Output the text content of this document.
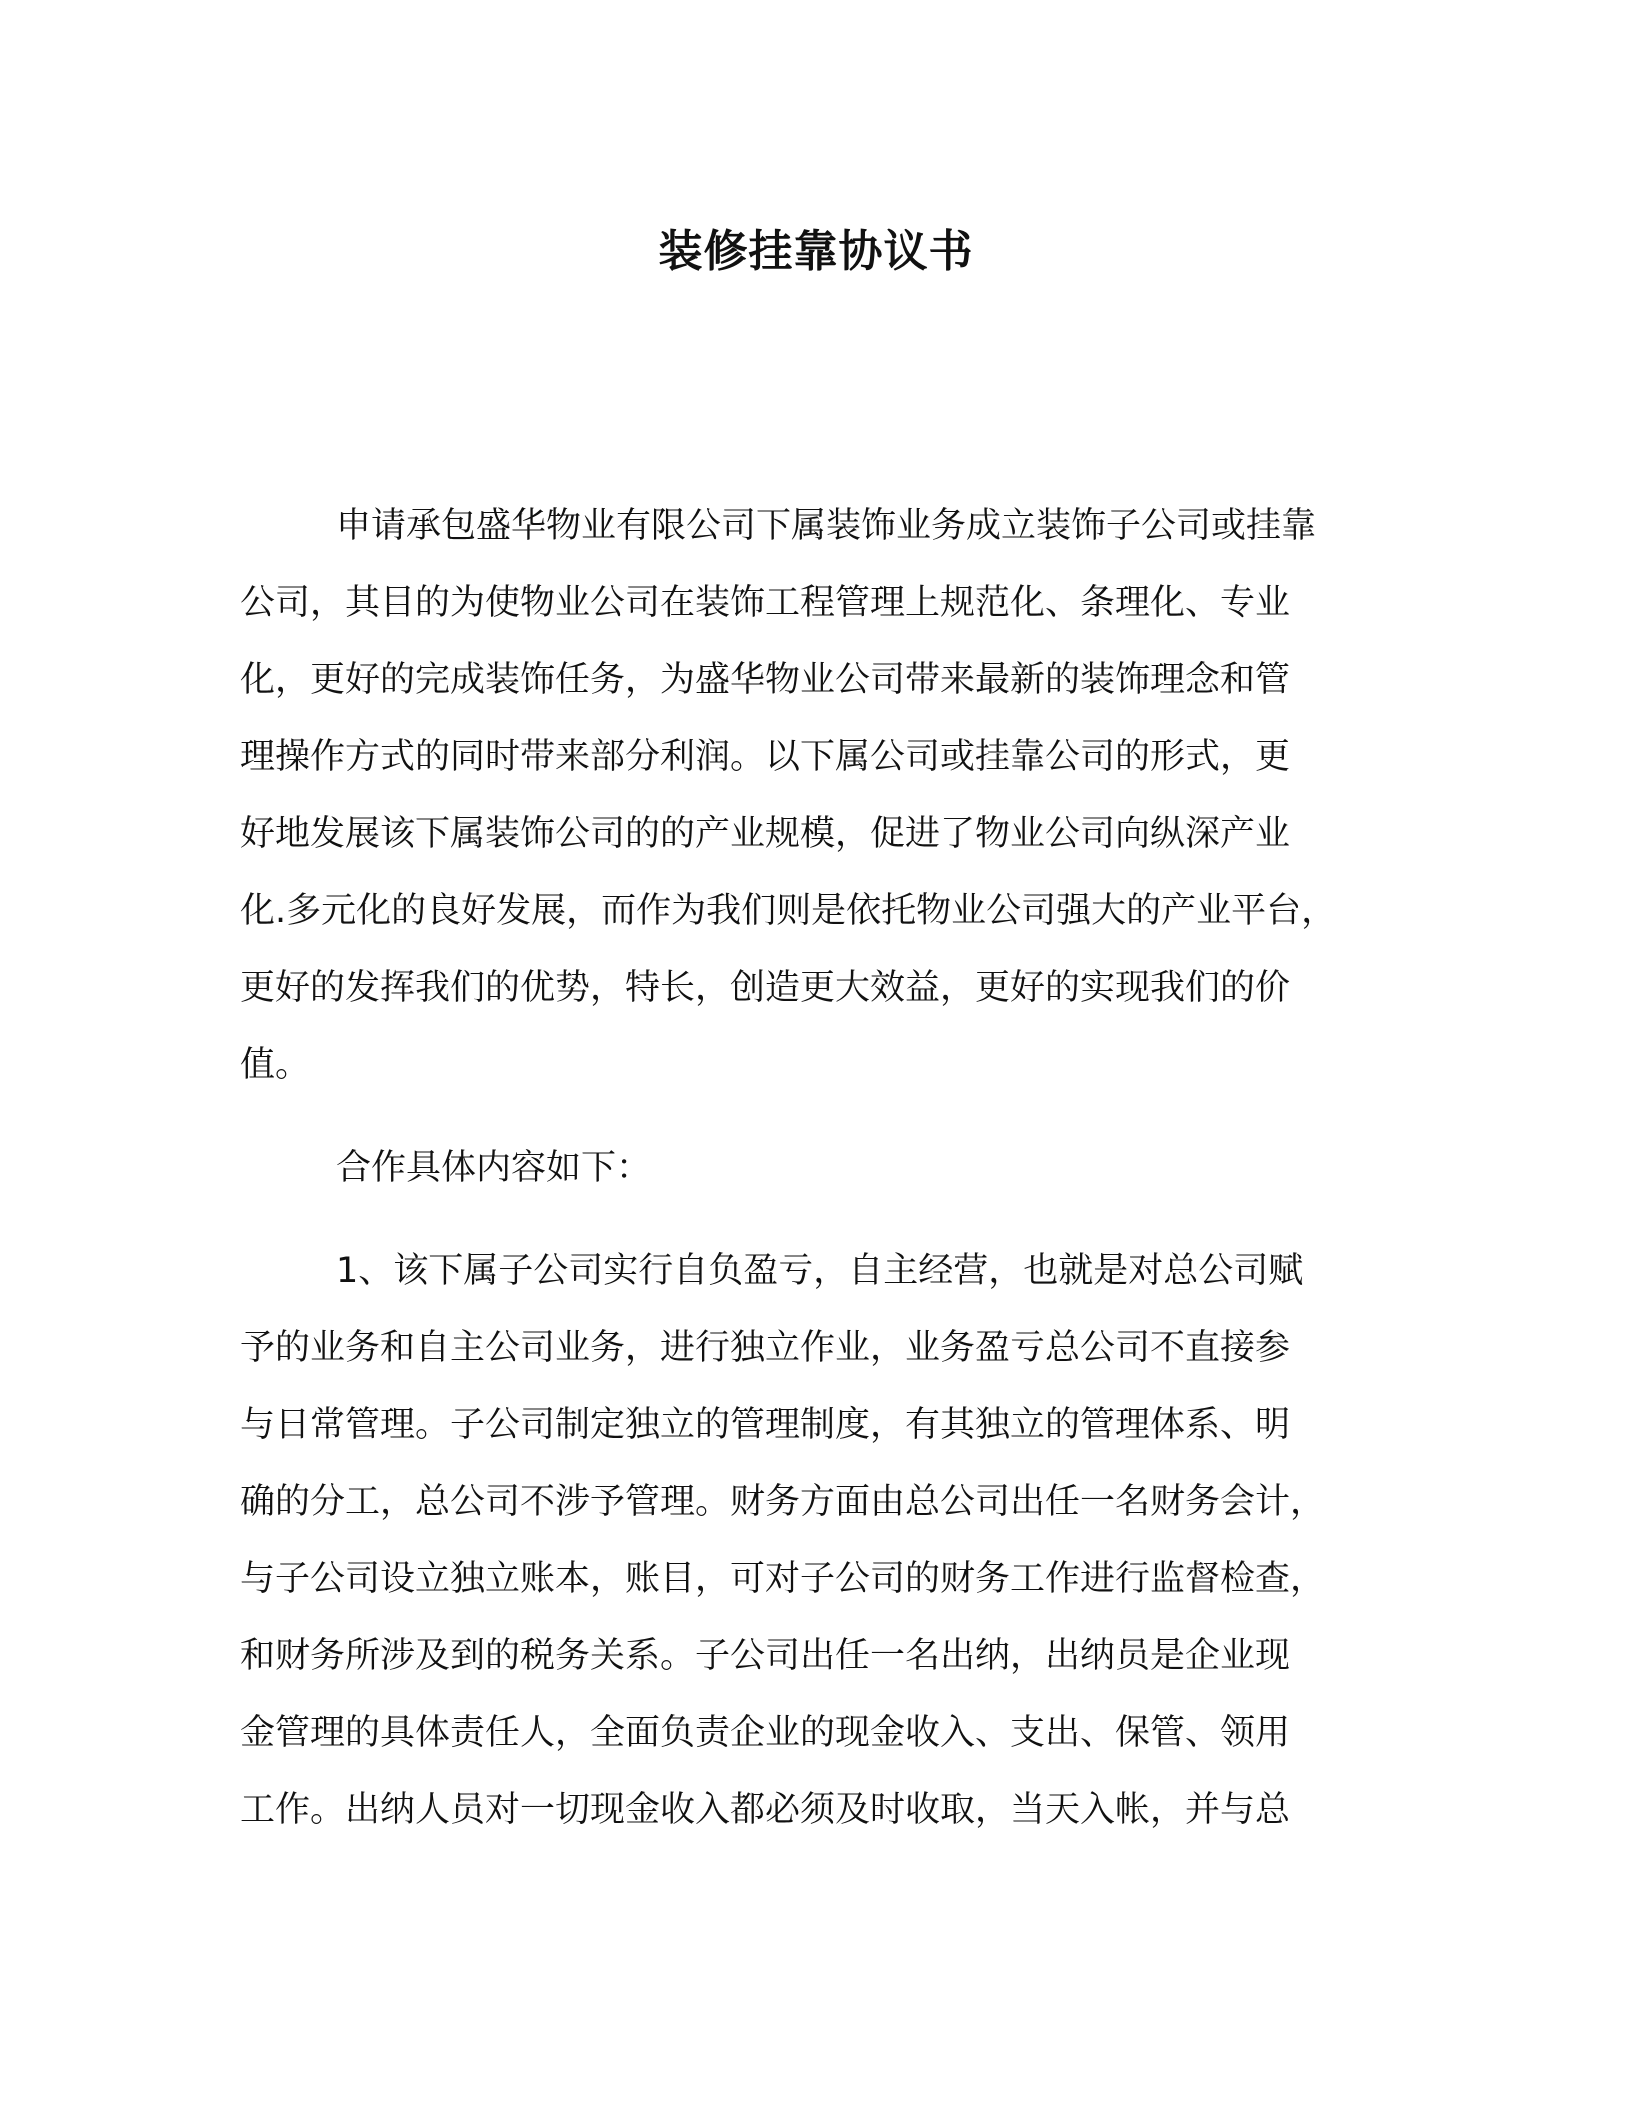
装修挂靠协议书
申请承包盛华物业有限公司下属装饰业务成立装饰子公司或挂靠
公司，其目的为使物业公司在装饰工程管理上规范化、条理化、专业
化，更好的完成装饰任务，为盛华物业公司带来最新的装饰理念和管
理操作方式的同时带来部分利润。以下属公司或挂靠公司的形式，更
好地发展该下属装饰公司的的产业规模，促进了物业公司向纵深产业
化.多元化的良好发展，而作为我们则是依托物业公司强大的产业平台，
更好的发挥我们的优势，特长，创造更大效益，更好的实现我们的价
值。
合作具体内容如下：
1、该下属子公司实行自负盈亏，自主经营，也就是对总公司赋
予的业务和自主公司业务，进行独立作业，业务盈亏总公司不直接参
与日常管理。子公司制定独立的管理制度，有其独立的管理体系、明
确的分工，总公司不涉予管理。财务方面由总公司出任一名财务会计，
与子公司设立独立账本，账目，可对子公司的财务工作进行监督检查，
和财务所涉及到的税务关系。子公司出任一名出纳，出纳员是企业现
金管理的具体责任人，全面负责企业的现金收入、支出、保管、领用
工作。出纳人员对一切现金收入都必须及时收取，当天入帐，并与总
